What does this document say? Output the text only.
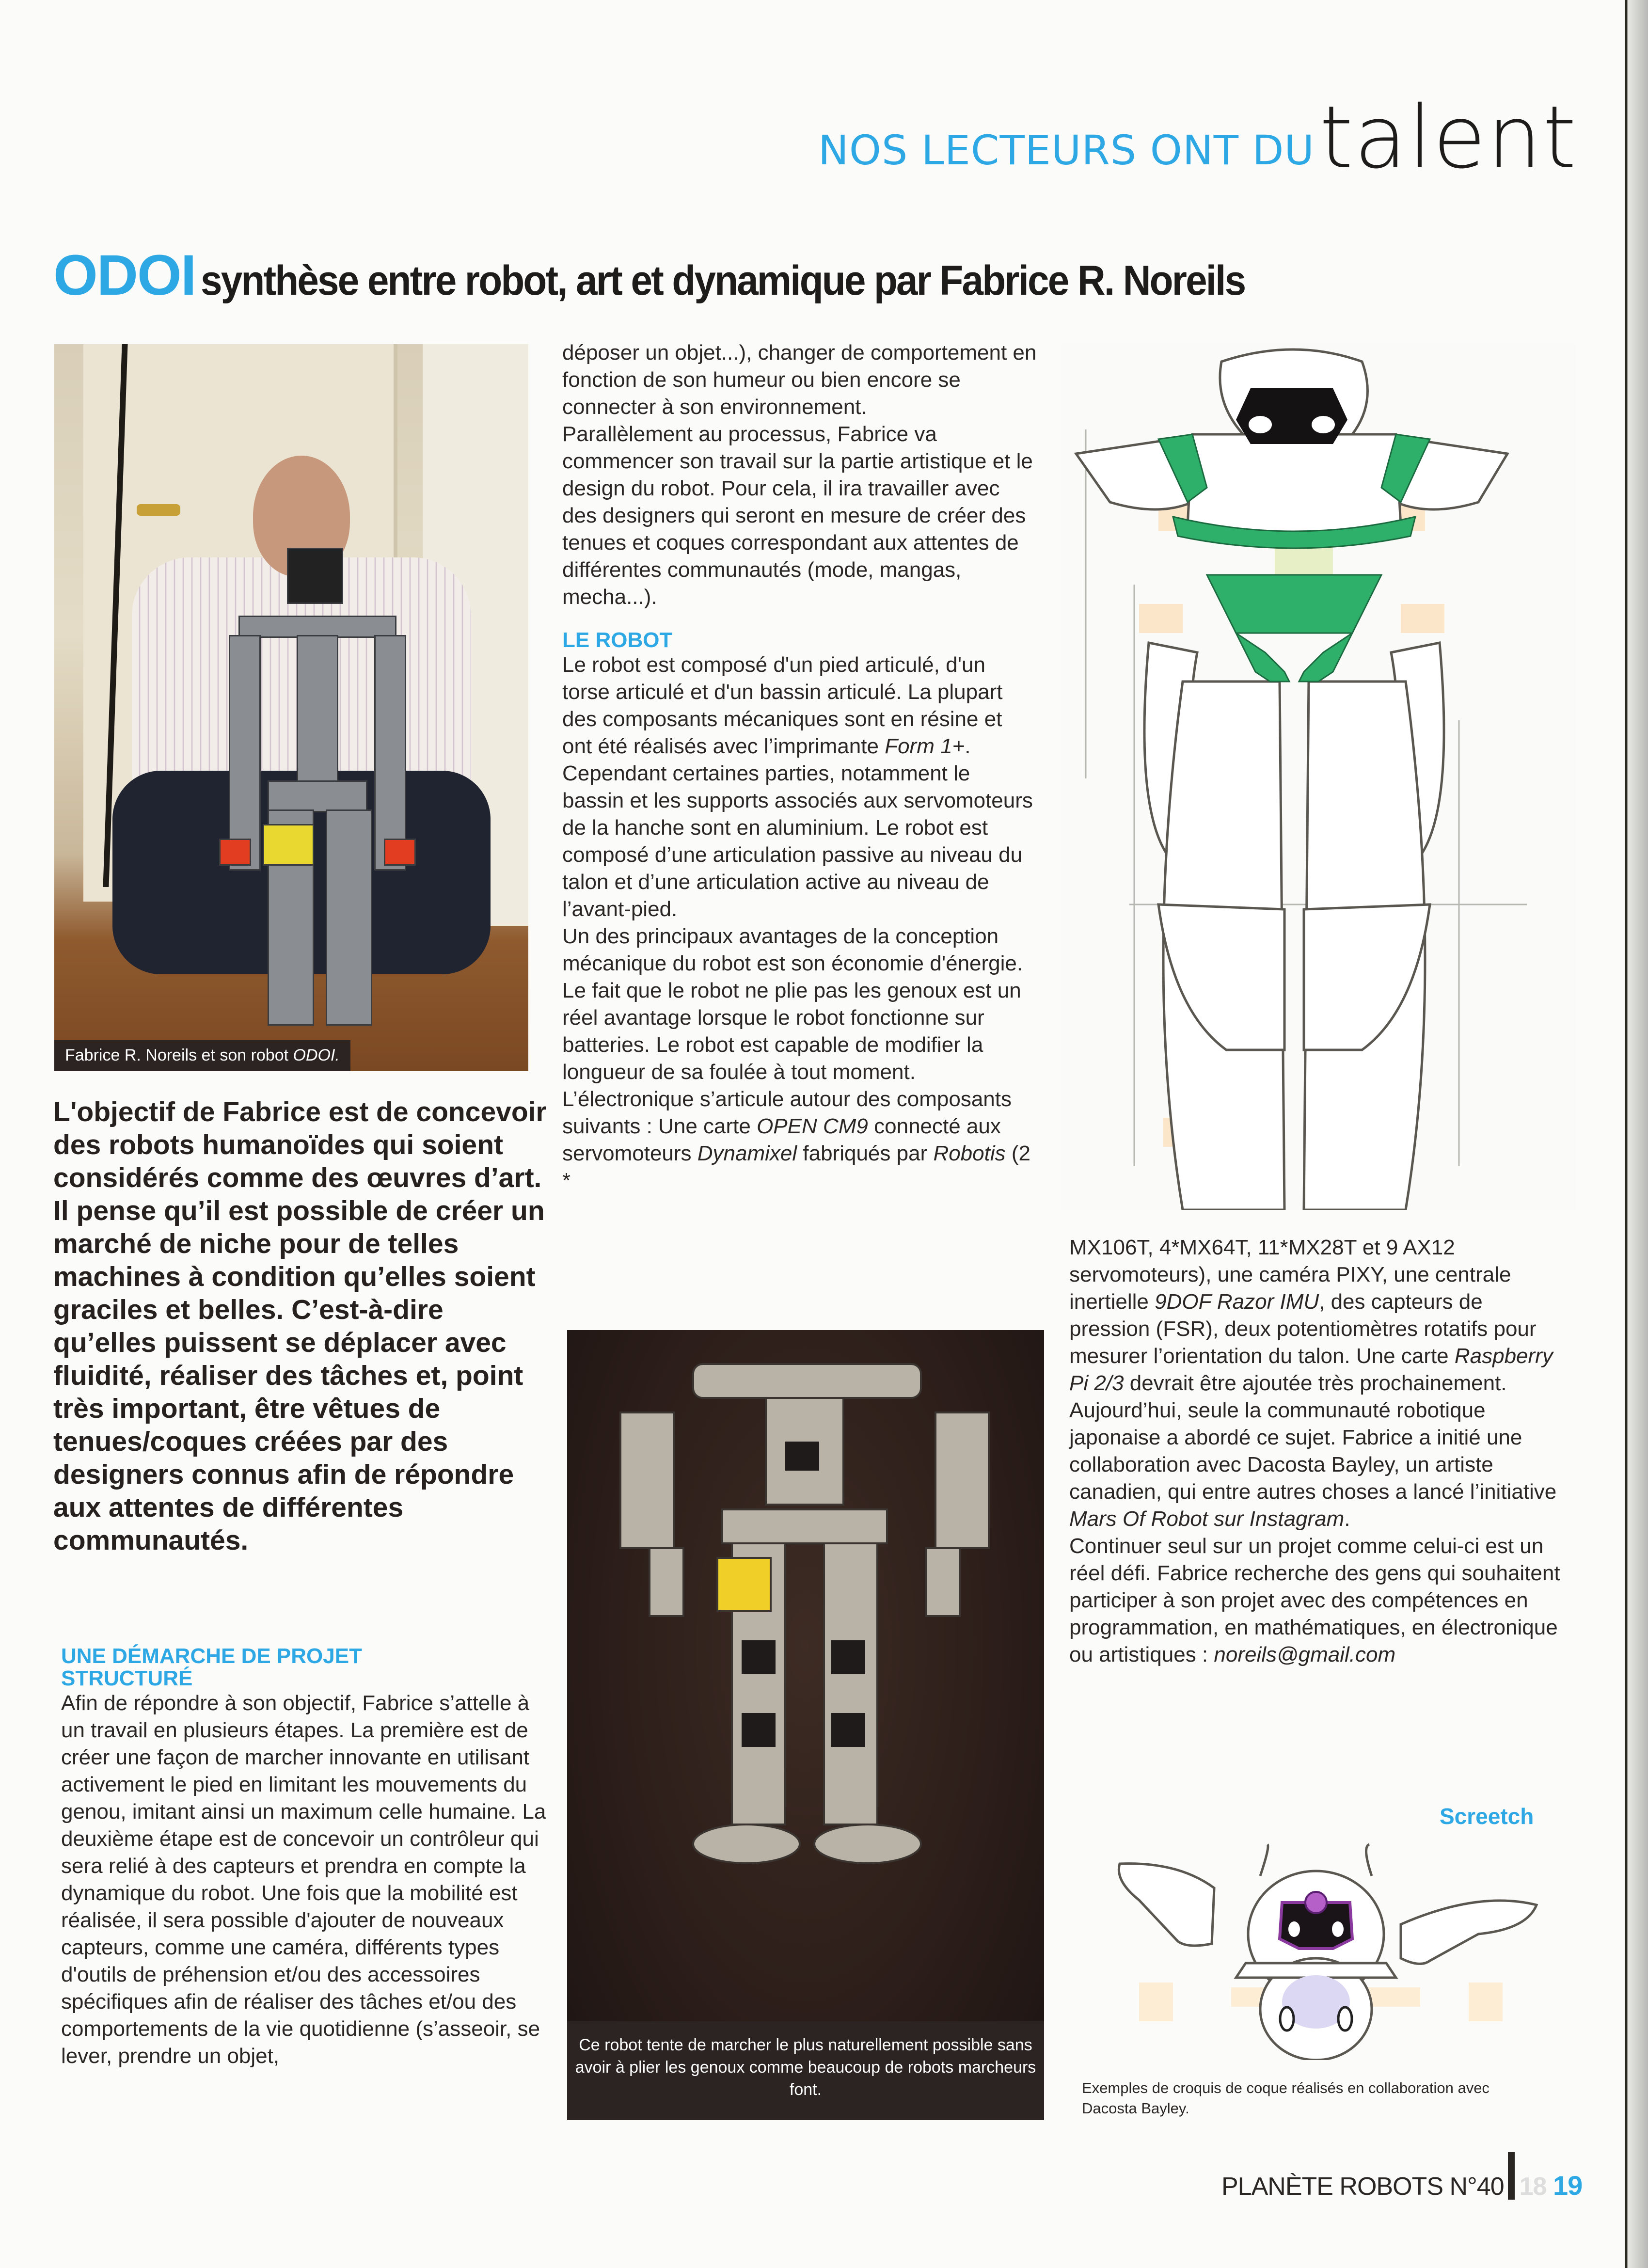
NOS LECTEURS ONT DUtalent
ODOI synthèse entre robot, art et dynamique par Fabrice R. Noreils
Fabrice R. Noreils et son robot ODOI.
L'objectif de Fabrice est de concevoir des robots humanoïdes qui soient considérés comme des œuvres d’art. Il pense qu’il est possible de créer un marché de niche pour de telles machines à condition qu’elles soient graciles et belles. C’est-à-dire qu’elles puissent se déplacer avec fluidité, réaliser des tâches et, point très important, être vêtues de tenues/coques créées par des designers connus afin de répondre aux attentes de différentes communautés.
UNE DÉMARCHE DE PROJET STRUCTURÉ

Afin de répondre à son objectif, Fabrice s’attelle à un travail en plusieurs étapes. La première est de créer une façon de marcher innovante en utilisant activement le pied en limitant les mouvements du genou, imitant ainsi un maximum celle humaine. La deuxième étape est de concevoir un contrôleur qui sera relié à des capteurs et prendra en compte la dynamique du robot. Une fois que la mobilité est réalisée, il sera possible d'ajouter de nouveaux capteurs, comme une caméra, différents types d'outils de préhension et/ou des accessoires spécifiques afin de réaliser des tâches et/ou des comportements de la vie quotidienne (s’asseoir, se lever, prendre un objet,

déposer un objet...), changer de comportement en fonction de son humeur ou bien encore se connecter à son environnement.

Parallèlement au processus, Fabrice va commencer son travail sur la partie artistique et le design du robot. Pour cela, il ira travailler avec des designers qui seront en mesure de créer des tenues et coques correspondant aux attentes de différentes communautés (mode, mangas, mecha...).

LE ROBOT

Le robot est composé d'un pied articulé, d'un torse articulé et d'un bassin articulé. La plupart des composants mécaniques sont en résine et ont été réalisés avec l’imprimante Form 1+. Cependant certaines parties, notamment le bassin et les supports associés aux servomoteurs de la hanche sont en aluminium. Le robot est composé d’une articulation passive au niveau du talon et d’une articulation active au niveau de l’avant-pied.

Un des principaux avantages de la conception mécanique du robot est son économie d'énergie. Le fait que le robot ne plie pas les genoux est un réel avantage lorsque le robot fonctionne sur batteries. Le robot est capable de modifier la longueur de sa foulée à tout moment.

L’électronique s’articule autour des composants suivants : Une carte OPEN CM9 connecté aux servomoteurs Dynamixel fabriqués par Robotis (2 *

Ce robot tente de marcher le plus naturellement possible sans avoir à plier les genoux comme beaucoup de robots marcheurs font.

MX106T, 4*MX64T, 11*MX28T et 9 AX12 servomoteurs), une caméra PIXY, une centrale inertielle 9DOF Razor IMU, des capteurs de pression (FSR), deux potentiomètres rotatifs pour mesurer l’orientation du talon. Une carte Raspberry Pi 2/3 devrait être ajoutée très prochainement.

Aujourd’hui, seule la communauté robotique japonaise a abordé ce sujet. Fabrice a initié une collaboration avec Dacosta Bayley, un artiste canadien, qui entre autres choses a lancé l’initiative Mars Of Robot sur Instagram.

Continuer seul sur un projet comme celui-ci est un réel défi. Fabrice recherche des gens qui souhaitent participer à son projet avec des compétences en programmation, en mathématiques, en électronique ou artistiques : noreils@gmail.com

Screetch
Exemples de croquis de coque réalisés en collaboration avec Dacosta Bayley.
PLANÈTE ROBOTS N°40 18 19
